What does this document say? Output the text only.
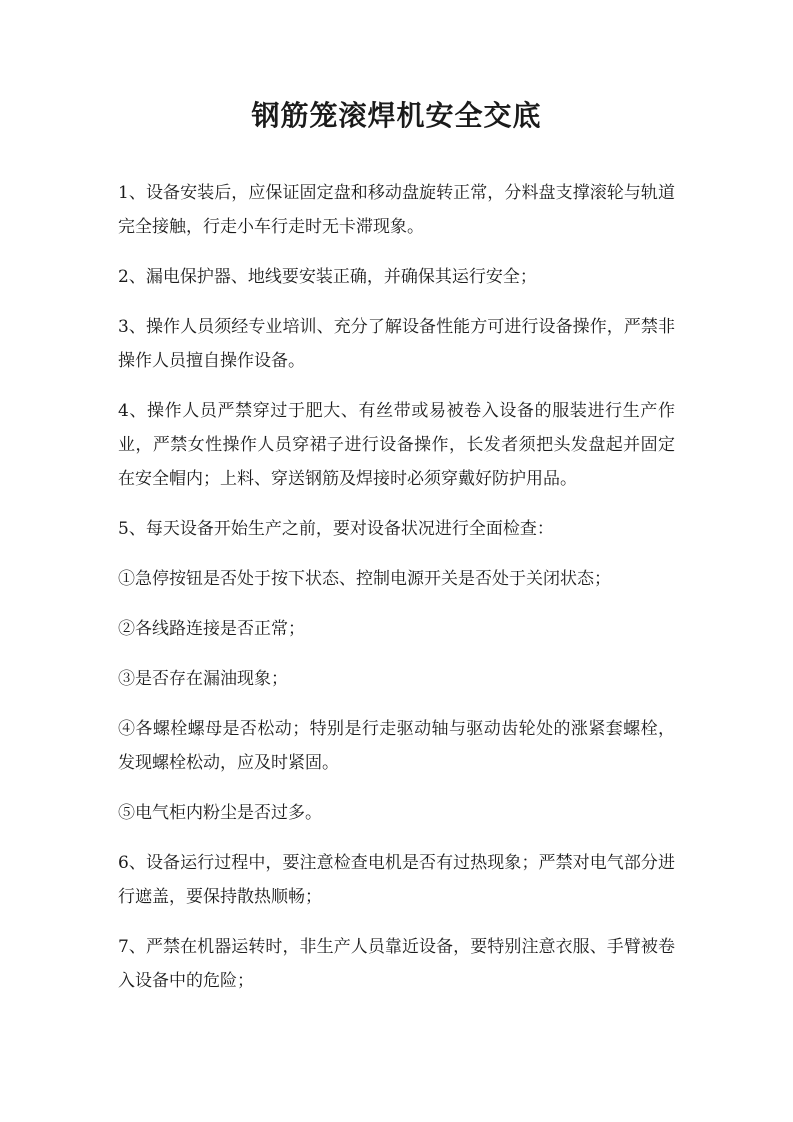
钢筋笼滚焊机安全交底

1、设备安装后，应保证固定盘和移动盘旋转正常，分料盘支撑滚轮与轨道完全接触，行走小车行走时无卡滞现象。

2、漏电保护器、地线要安装正确，并确保其运行安全；

3、操作人员须经专业培训、充分了解设备性能方可进行设备操作，严禁非操作人员擅自操作设备。

4、操作人员严禁穿过于肥大、有丝带或易被卷入设备的服装进行生产作业，严禁女性操作人员穿裙子进行设备操作，长发者须把头发盘起并固定在安全帽内；上料、穿送钢筋及焊接时必须穿戴好防护用品。

5、每天设备开始生产之前，要对设备状况进行全面检查：

①急停按钮是否处于按下状态、控制电源开关是否处于关闭状态；

②各线路连接是否正常；

③是否存在漏油现象；

④各螺栓螺母是否松动；特别是行走驱动轴与驱动齿轮处的涨紧套螺栓，发现螺栓松动，应及时紧固。

⑤电气柜内粉尘是否过多。

6、设备运行过程中，要注意检查电机是否有过热现象；严禁对电气部分进行遮盖，要保持散热顺畅；

7、严禁在机器运转时，非生产人员靠近设备，要特别注意衣服、手臂被卷入设备中的危险；
